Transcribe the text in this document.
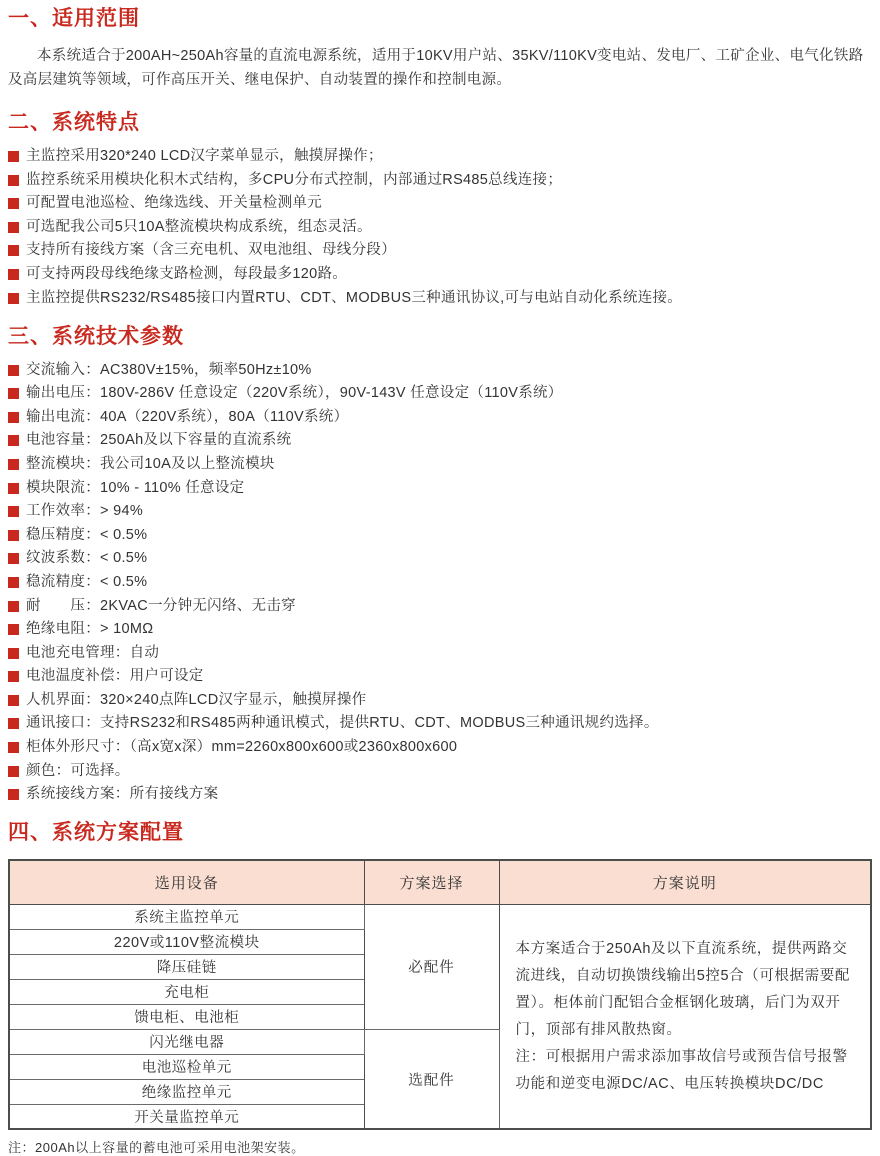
一、适用范围

本系统适合于200AH~250Ah容量的直流电源系统，适用于10KV用户站、35KV/110KV变电站、发电厂、工矿企业、电气化铁路及高层建筑等领域，可作高压开关、继电保护、自动装置的操作和控制电源。

二、系统特点
主监控采用320*240 LCD汉字菜单显示，触摸屏操作；
监控系统采用模块化积木式结构，多CPU分布式控制，内部通过RS485总线连接；
可配置电池巡检、绝缘选线、开关量检测单元
可选配我公司5只10A整流模块构成系统，组态灵活。
支持所有接线方案（含三充电机、双电池组、母线分段）
可支持两段母线绝缘支路检测，每段最多120路。
主监控提供RS232/RS485接口内置RTU、CDT、MODBUS三种通讯协议,可与电站自动化系统连接。
三、系统技术参数
交流输入：AC380V±15%，频率50Hz±10%
输出电压：180V-286V 任意设定（220V系统），90V-143V 任意设定（110V系统）
输出电流：40A（220V系统），80A（110V系统）
电池容量：250Ah及以下容量的直流系统
整流模块：我公司10A及以上整流模块
模块限流：10% - 110% 任意设定
工作效率：> 94%
稳压精度：< 0.5%
纹波系数：< 0.5%
稳流精度：< 0.5%
耐　　压：2KVAC一分钟无闪络、无击穿
绝缘电阻：> 10MΩ
电池充电管理：自动
电池温度补偿：用户可设定
人机界面：320×240点阵LCD汉字显示，触摸屏操作
通讯接口：支持RS232和RS485两种通讯模式，提供RTU、CDT、MODBUS三种通讯规约选择。
柜体外形尺寸：（高x宽x深）mm=2260x800x600或2360x800x600
颜色：可选择。
系统接线方案：所有接线方案
四、系统方案配置
选用设备	方案选择	方案说明
系统主监控单元	必配件	本方案适合于250Ah及以下直流系统，提供两路交流进线，自动切换馈线输出5控5合（可根据需要配置）。柜体前门配铝合金框钢化玻璃，后门为双开门，顶部有排风散热窗。

注：可根据用户需求添加事故信号或预告信号报警功能和逆变电源DC/AC、电压转换模块DC/DC

220V或110V整流模块		
降压硅链		
充电柜		
馈电柜、电池柜		
闪光继电器	选配件	
电池巡检单元		
绝缘监控单元		
开关量监控单元		

注：200Ah以上容量的蓄电池可采用电池架安装。
